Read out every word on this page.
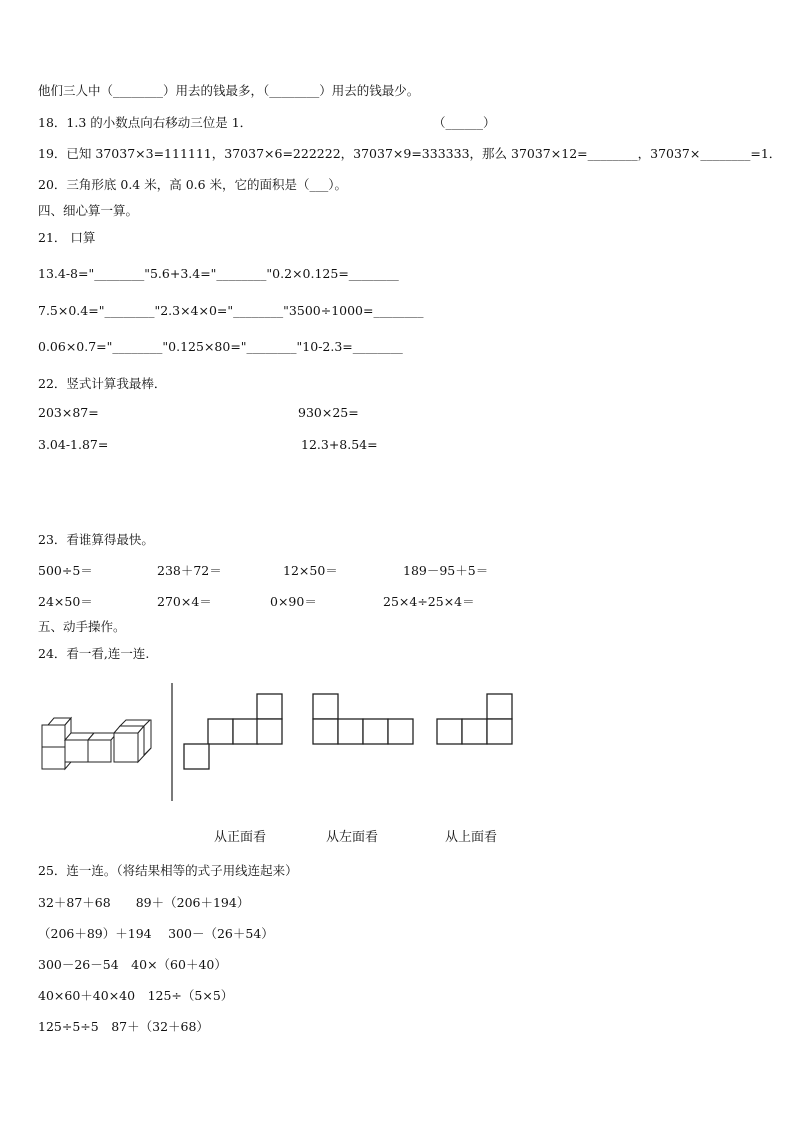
他们三人中（________）用去的钱最多，（________）用去的钱最少。
18．1.3 的小数点向右移动三位是 1．	（______）
19．已知 37037×3=111111，37037×6=222222，37037×9=333333，那么 37037×12=________，37037×________=1．
20．三角形底 0.4 米，高 0.6 米，它的面积是（___）。
四、细心算一算。
21． 口算
13.4-8="________"5.6+3.4="________"0.2×0.125=________
7.5×0.4="________"2.3×4×0="________"3500÷1000=________
0.06×0.7="________"0.125×80="________"10-2.3=________
22．竖式计算我最棒．
203×87=	930×25=
3.04-1.87=	12.3+8.54=
23．看谁算得最快。
500÷5＝	238＋72＝	12×50＝	189－95＋5＝
24×50＝	270×4＝	0×90＝	25×4÷25×4＝
五、动手操作。
24．看一看,连一连.
从正面看	从左面看	从上面看
25．连一连。（将结果相等的式子用线连起来）
32＋87＋68　　89＋（206＋194）
（206＋89）＋194　 300－（26＋54）
300－26－54　40×（60＋40）
40×60＋40×40　125÷（5×5）
125÷5÷5　87＋（32＋68）
